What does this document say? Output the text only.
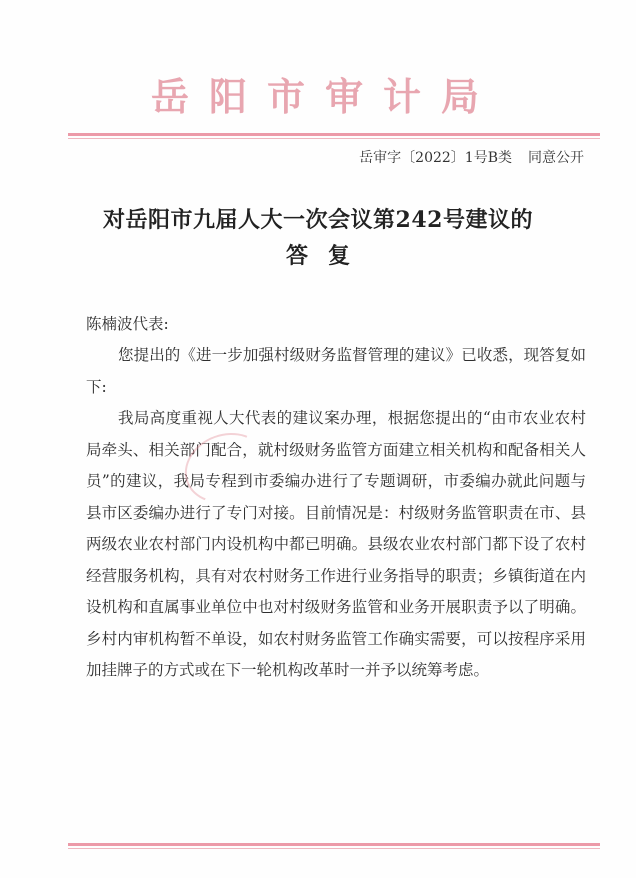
岳阳市审计局
岳审字〔2022〕1号B类 同意公开
对岳阳市九届人大一次会议第242号建议的
答复
陈楠波代表:
您提出的《进一步加强村级财务监督管理的建议》已收悉，现答复如下:
我局高度重视人大代表的建议案办理，根据您提出的“由市农业农村局牵头、相关部门配合，就村级财务监管方面建立相关机构和配备相关人员”的建议，我局专程到市委编办进行了专题调研，市委编办就此问题与县市区委编办进行了专门对接。目前情况是：村级财务监管职责在市、县两级农业农村部门内设机构中都已明确。县级农业农村部门都下设了农村经营服务机构，具有对农村财务工作进行业务指导的职责；乡镇街道在内设机构和直属事业单位中也对村级财务监管和业务开展职责予以了明确。乡村内审机构暂不单设，如农村财务监管工作确实需要，可以按程序采用加挂牌子的方式或在下一轮机构改革时一并予以统筹考虑。
